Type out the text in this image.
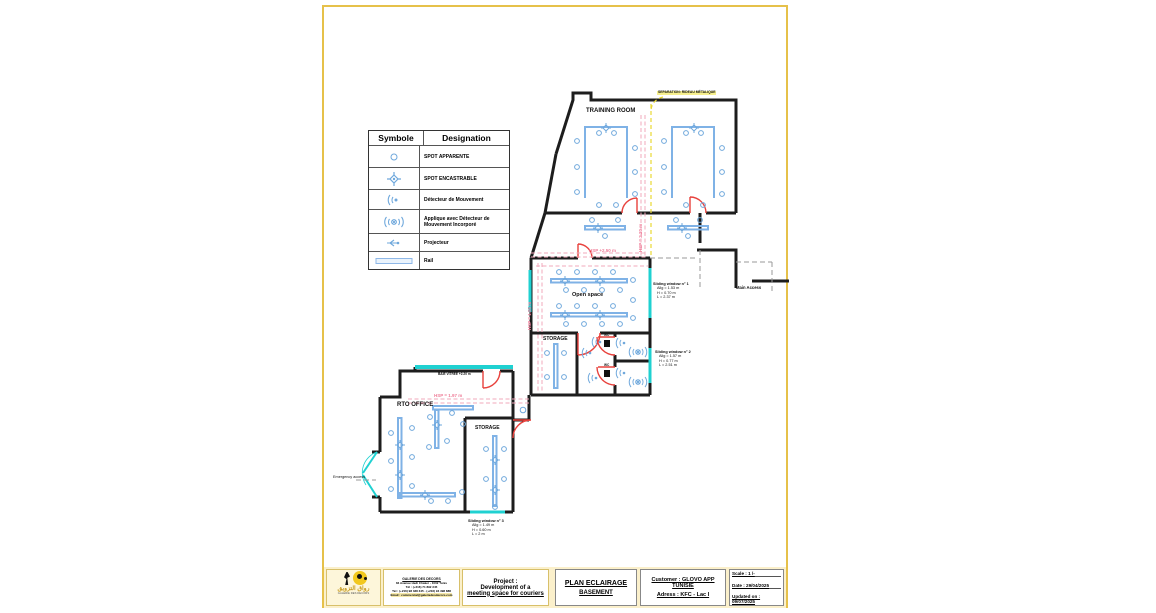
TRAINING ROOM
Open space
STORAGE
RTO OFFICE
STORAGE
WC
WC
SEPARATION: RIDEAU MÉTALIQUE
HSP +2.50 m	HSP = 2.20 m
HSP = 1.95 m
HSP = 1.97 m
BAIE VITREE +2.20 m
Main Access
Emergency access
Sliding window n° 1
Allg = 1.53 m
H = 0.70 m
L = 2.37 m
Sliding window n° 2
Allg = 1.57 m
H = 0.77 m
L = 2.51 m
Sliding window n° 3
Allg = 1.49 m
H = 0.60 m
L = 2 m
Symbole	Designation
SPOT APPARENTE
SPOT ENCASTRABLE
Détecteur de Mouvement
Applique avec Détecteur de Mouvement Incorporé
Projecteur
Rail
رواق التزويق
GALERIE DES DECORS
GALERIE DES DECORS
84 Avenue Hedi Chaker - 1002 Tunis
Tél : (+216) 71 892 345
Tél : (+216) 98 338 345 - (+216) 94 398 888
Email : commercial@galeriedesdecors.com
Project :
Development of a
meeting space for couriers
PLAN ECLAIRAGE
BASEMENT
Customer : GLOVO APP TUNISIE
Adress : KFC - Lac I
Scale : 1 /-
Date : 29/04/2025
Updated on : 09/07/2025
